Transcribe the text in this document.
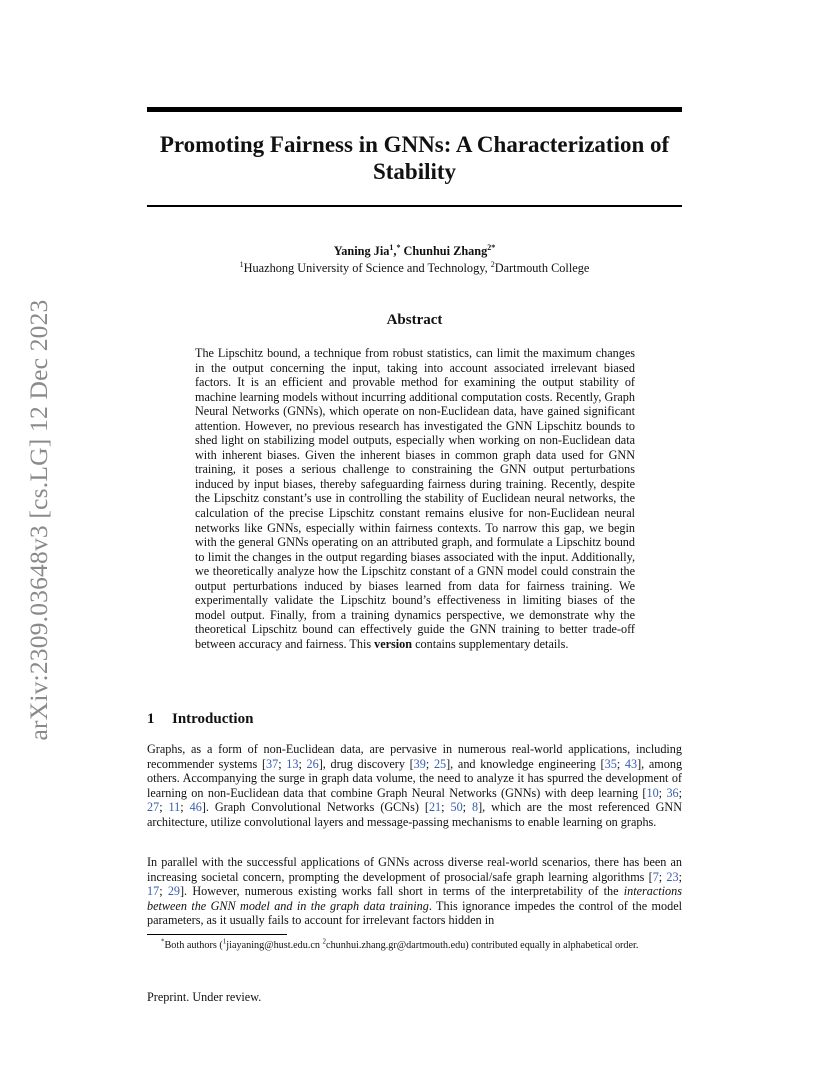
arXiv:2309.03648v3 [cs.LG] 12 Dec 2023
Promoting Fairness in GNNs: A Characterization of Stability
Yaning Jia$^1$,* Chunhui Zhang$^{2*}$
$^1$Huazhong University of Science and Technology, $^2$Dartmouth College
Abstract
The Lipschitz bound, a technique from robust statistics, can limit the maximum changes in the output concerning the input, taking into account associated irrelevant biased factors. It is an efficient and provable method for examining the output stability of machine learning models without incurring additional computation costs. Recently, Graph Neural Networks (GNNs), which operate on non-Euclidean data, have gained significant attention. However, no previous research has investigated the GNN Lipschitz bounds to shed light on stabilizing model outputs, especially when working on non-Euclidean data with inherent biases. Given the inherent biases in common graph data used for GNN training, it poses a serious challenge to constraining the GNN output perturbations induced by input biases, thereby safeguarding fairness during training. Recently, despite the Lipschitz constant’s use in controlling the stability of Euclidean neural networks, the calculation of the precise Lipschitz constant remains elusive for non-Euclidean neural networks like GNNs, especially within fairness contexts. To narrow this gap, we begin with the general GNNs operating on an attributed graph, and formulate a Lipschitz bound to limit the changes in the output regarding biases associated with the input. Additionally, we theoretically analyze how the Lipschitz constant of a GNN model could constrain the output perturbations induced by biases learned from data for fairness training. We experimentally validate the Lipschitz bound’s effectiveness in limiting biases of the model output. Finally, from a training dynamics perspective, we demonstrate why the theoretical Lipschitz bound can effectively guide the GNN training to better trade-off between accuracy and fairness. This version contains supplementary details.
1 Introduction
Graphs, as a form of non-Euclidean data, are pervasive in numerous real-world applications, including recommender systems [37; 13; 26], drug discovery [39; 25], and knowledge engineering [35; 43], among others. Accompanying the surge in graph data volume, the need to analyze it has spurred the development of learning on non-Euclidean data that combine Graph Neural Networks (GNNs) with deep learning [10; 36; 27; 11; 46]. Graph Convolutional Networks (GCNs) [21; 50; 8], which are the most referenced GNN architecture, utilize convolutional layers and message-passing mechanisms to enable learning on graphs.
In parallel with the successful applications of GNNs across diverse real-world scenarios, there has been an increasing societal concern, prompting the development of prosocial/safe graph learning algorithms [7; 23; 17; 29]. However, numerous existing works fall short in terms of the interpretability of the interactions between the GNN model and in the graph data training. This ignorance impedes the control of the model parameters, as it usually fails to account for irrelevant factors hidden in
*Both authors ($^1$jiayaning@hust.edu.cn $^2$chunhui.zhang.gr@dartmouth.edu) contributed equally in alphabetical order.
Preprint. Under review.
